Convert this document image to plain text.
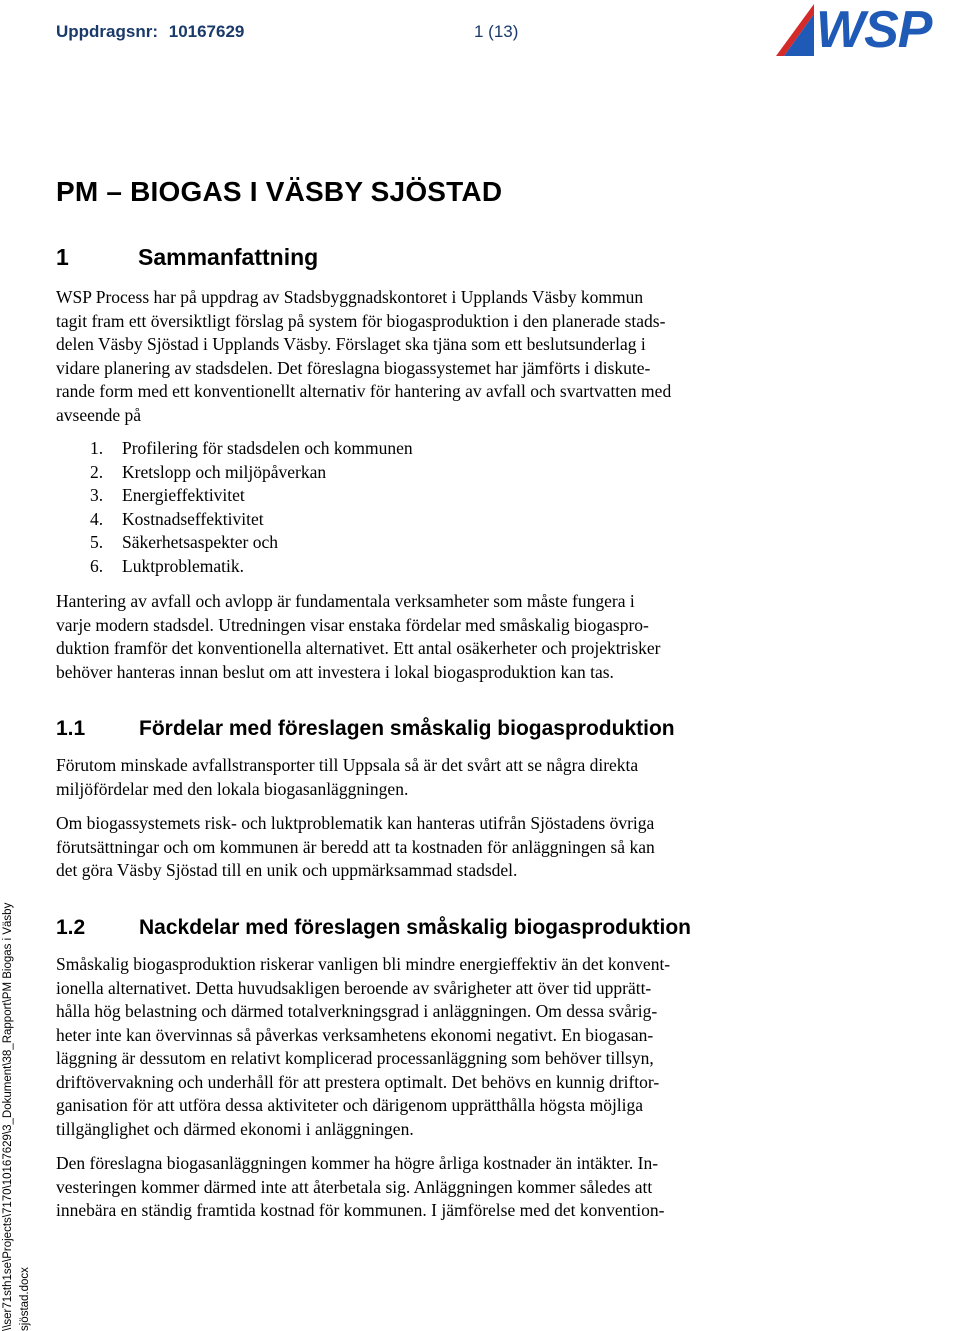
Uppdragsnr: 10167629	1 (13)	WSP
PM – BIOGAS I VÄSBY SJÖSTAD
1	Sammanfattning

WSP Process har på uppdrag av Stadsbyggnadskontoret i Upplands Väsby kommun
tagit fram ett översiktligt förslag på system för biogasproduktion i den planerade stads-
delen Väsby Sjöstad i Upplands Väsby. Förslaget ska tjäna som ett beslutsunderlag i
vidare planering av stadsdelen. Det föreslagna biogassystemet har jämförts i diskute-
rande form med ett konventionellt alternativ för hantering av avfall och svartvatten med
avseende på

1. Profilering för stadsdelen och kommunen
2. Kretslopp och miljöpåverkan
3. Energieffektivitet
4. Kostnadseffektivitet
5. Säkerhetsaspekter och
6. Luktproblematik.

Hantering av avfall och avlopp är fundamentala verksamheter som måste fungera i
varje modern stadsdel. Utredningen visar enstaka fördelar med småskalig biogaspro-
duktion framför det konventionella alternativet. Ett antal osäkerheter och projektrisker
behöver hanteras innan beslut om att investera i lokal biogasproduktion kan tas.

1.1	Fördelar med föreslagen småskalig biogasproduktion

Förutom minskade avfallstransporter till Uppsala så är det svårt att se några direkta
miljöfördelar med den lokala biogasanläggningen.

Om biogassystemets risk- och luktproblematik kan hanteras utifrån Sjöstadens övriga
förutsättningar och om kommunen är beredd att ta kostnaden för anläggningen så kan
det göra Väsby Sjöstad till en unik och uppmärksammad stadsdel.

1.2	Nackdelar med föreslagen småskalig biogasproduktion

Småskalig biogasproduktion riskerar vanligen bli mindre energieffektiv än det konvent-
ionella alternativet. Detta huvudsakligen beroende av svårigheter att över tid upprätt-
hålla hög belastning och därmed totalverkningsgrad i anläggningen. Om dessa svårig-
heter inte kan övervinnas så påverkas verksamhetens ekonomi negativt. En biogasan-
läggning är dessutom en relativt komplicerad processanläggning som behöver tillsyn,
driftövervakning och underhåll för att prestera optimalt. Det behövs en kunnig driftor-
ganisation för att utföra dessa aktiviteter och därigenom upprätthålla högsta möjliga
tillgänglighet och därmed ekonomi i anläggningen.

Den föreslagna biogasanläggningen kommer ha högre årliga kostnader än intäkter. In-
vesteringen kommer därmed inte att återbetala sig. Anläggningen kommer således att
innebära en ständig framtida kostnad för kommunen. I jämförelse med det konvention-

\\ser71sth1se\Projects\7170\10167629\3_Dokument\38_Rapport\PM Biogas i Väsby sjöstad.docx
